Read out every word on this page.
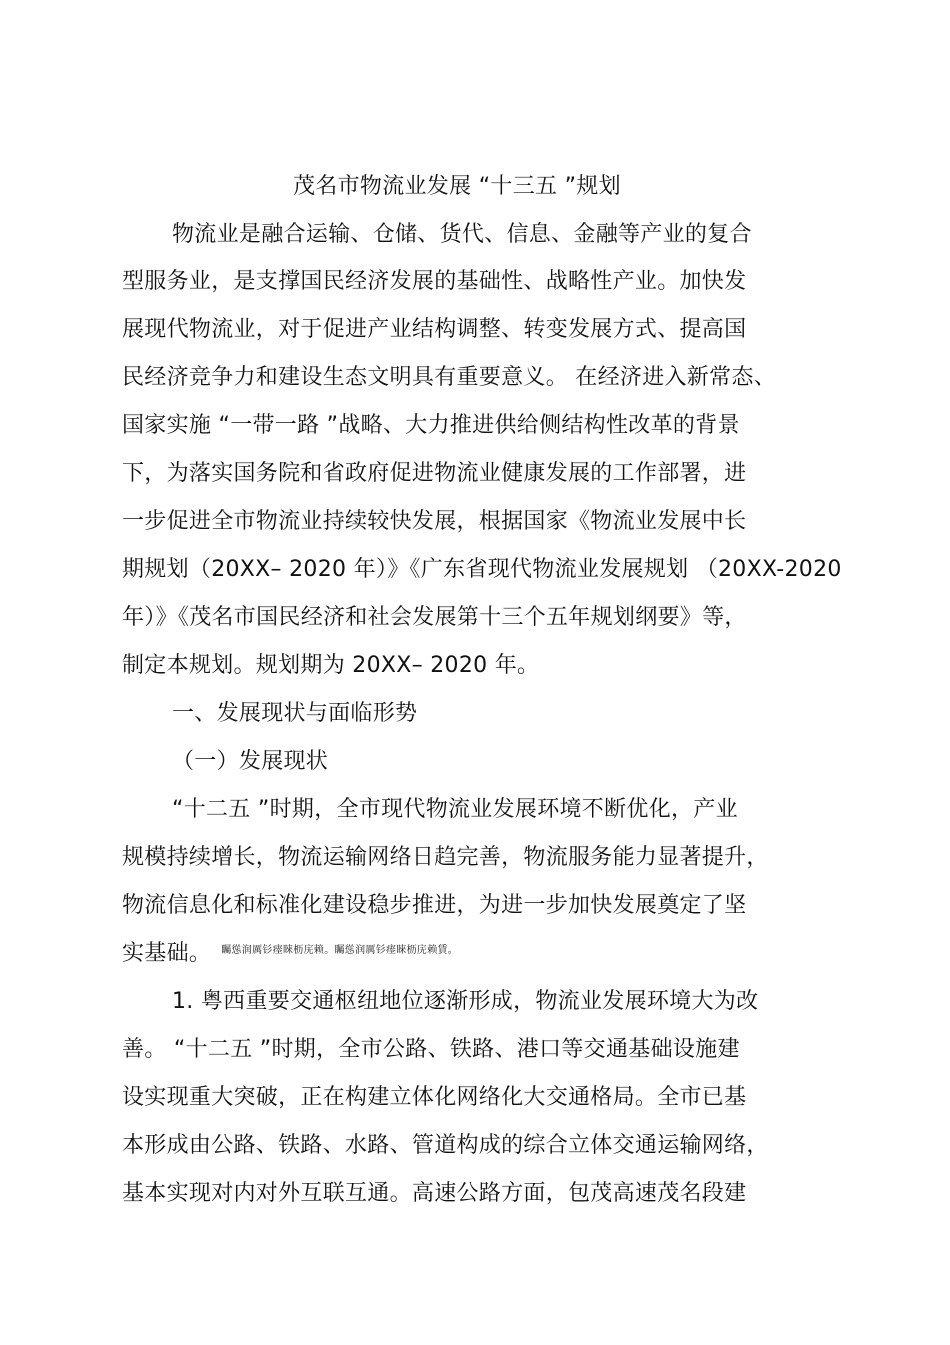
茂名市物流业发展 “十三五 ”规划
物流业是融合运输、仓储、货代、信息、金融等产业的复合
型服务业，是支撑国民经济发展的基础性、战略性产业。加快发
展现代物流业，对于促进产业结构调整、转变发展方式、提高国
民经济竞争力和建设生态文明具有重要意义。 在经济进入新常态、
国家实施 “一带一路 ”战略、大力推进供给侧结构性改革的背景
下，为落实国务院和省政府促进物流业健康发展的工作部署，进
一步促进全市物流业持续较快发展，根据国家《物流业发展中长
期规划（20XX– 2020 年）》《广东省现代物流业发展规划 （20XX-2020
年）》《茂名市国民经济和社会发展第十三个五年规划纲要》等，
制定本规划。规划期为 20XX– 2020 年。
一、发展现状与面临形势
（一）发展现状
“十二五 ”时期，全市现代物流业发展环境不断优化，产业
规模持续增长，物流运输网络日趋完善，物流服务能力显著提升，
物流信息化和标准化建设稳步推进，为进一步加快发展奠定了坚
实基础。 矚慫润厲钐瘗睞枥庑赖。矚慫润厲钐瘗睞枥庑赖賃。
1. 粤西重要交通枢纽地位逐渐形成，物流业发展环境大为改
善。 “十二五 ”时期，全市公路、铁路、港口等交通基础设施建
设实现重大突破，正在构建立体化网络化大交通格局。全市已基
本形成由公路、铁路、水路、管道构成的综合立体交通运输网络，
基本实现对内对外互联互通。高速公路方面，包茂高速茂名段建
